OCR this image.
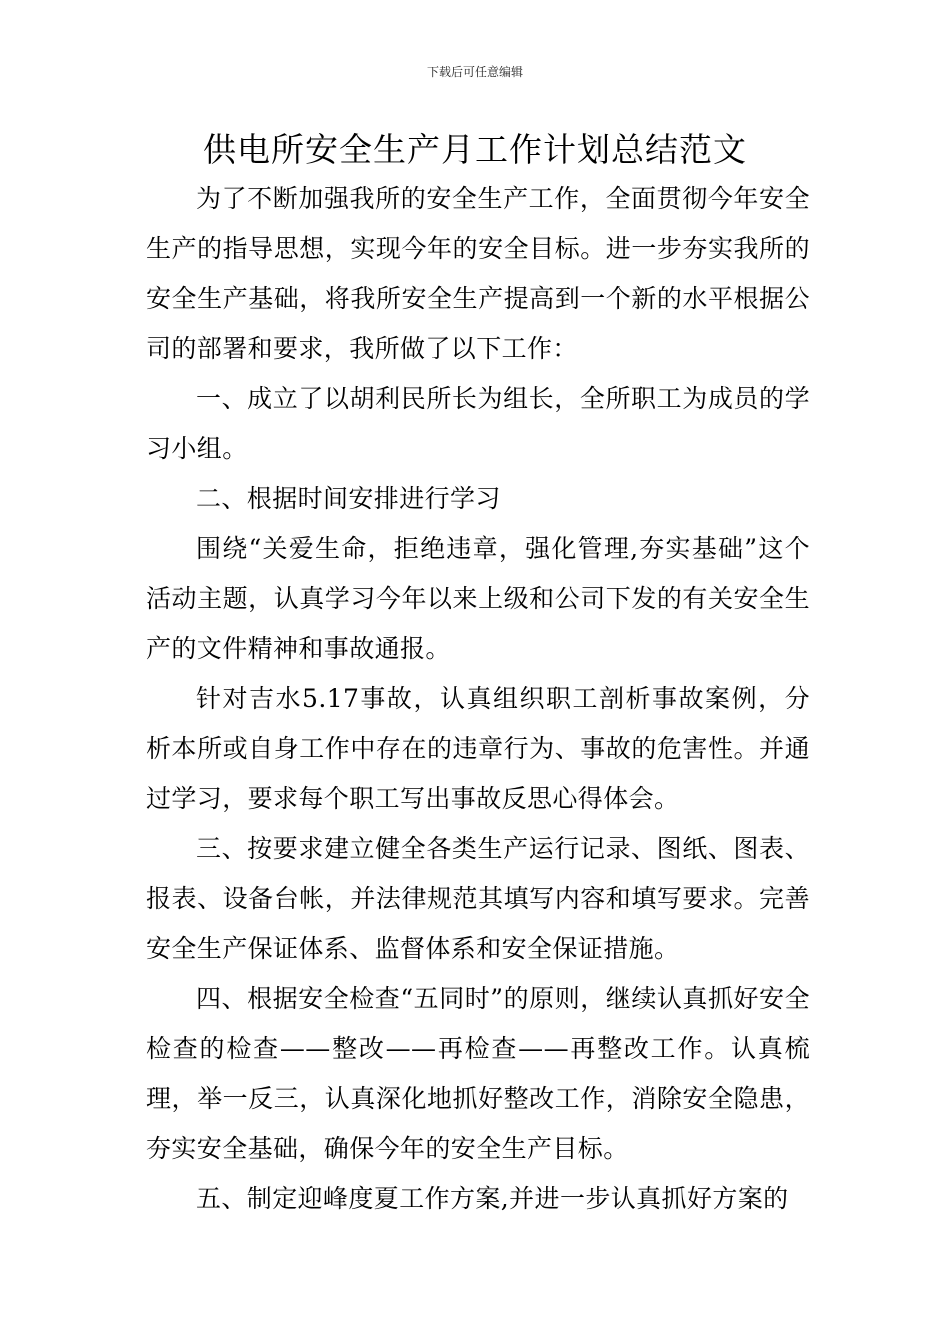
下载后可任意编辑
供电所安全生产月工作计划总结范文

为了不断加强我所的安全生产工作，全面贯彻今年安全生产的指导思想，实现今年的安全目标。进一步夯实我所的安全生产基础，将我所安全生产提高到一个新的水平根据公司的部署和要求，我所做了以下工作：

一、成立了以胡利民所长为组长，全所职工为成员的学习小组。

二、根据时间安排进行学习

围绕“关爱生命，拒绝违章，强化管理,夯实基础”这个活动主题，认真学习今年以来上级和公司下发的有关安全生产的文件精神和事故通报。

针对吉水5.17事故，认真组织职工剖析事故案例，分析本所或自身工作中存在的违章行为、事故的危害性。并通过学习，要求每个职工写出事故反思心得体会。

三、按要求建立健全各类生产运行记录、图纸、图表、报表、设备台帐，并法律规范其填写内容和填写要求。完善安全生产保证体系、监督体系和安全保证措施。

四、根据安全检查“五同时”的原则，继续认真抓好安全检查的检查——整改——再检查——再整改工作。认真梳理，举一反三，认真深化地抓好整改工作，消除安全隐患，夯实安全基础，确保今年的安全生产目标。

五、制定迎峰度夏工作方案,并进一步认真抓好方案的
